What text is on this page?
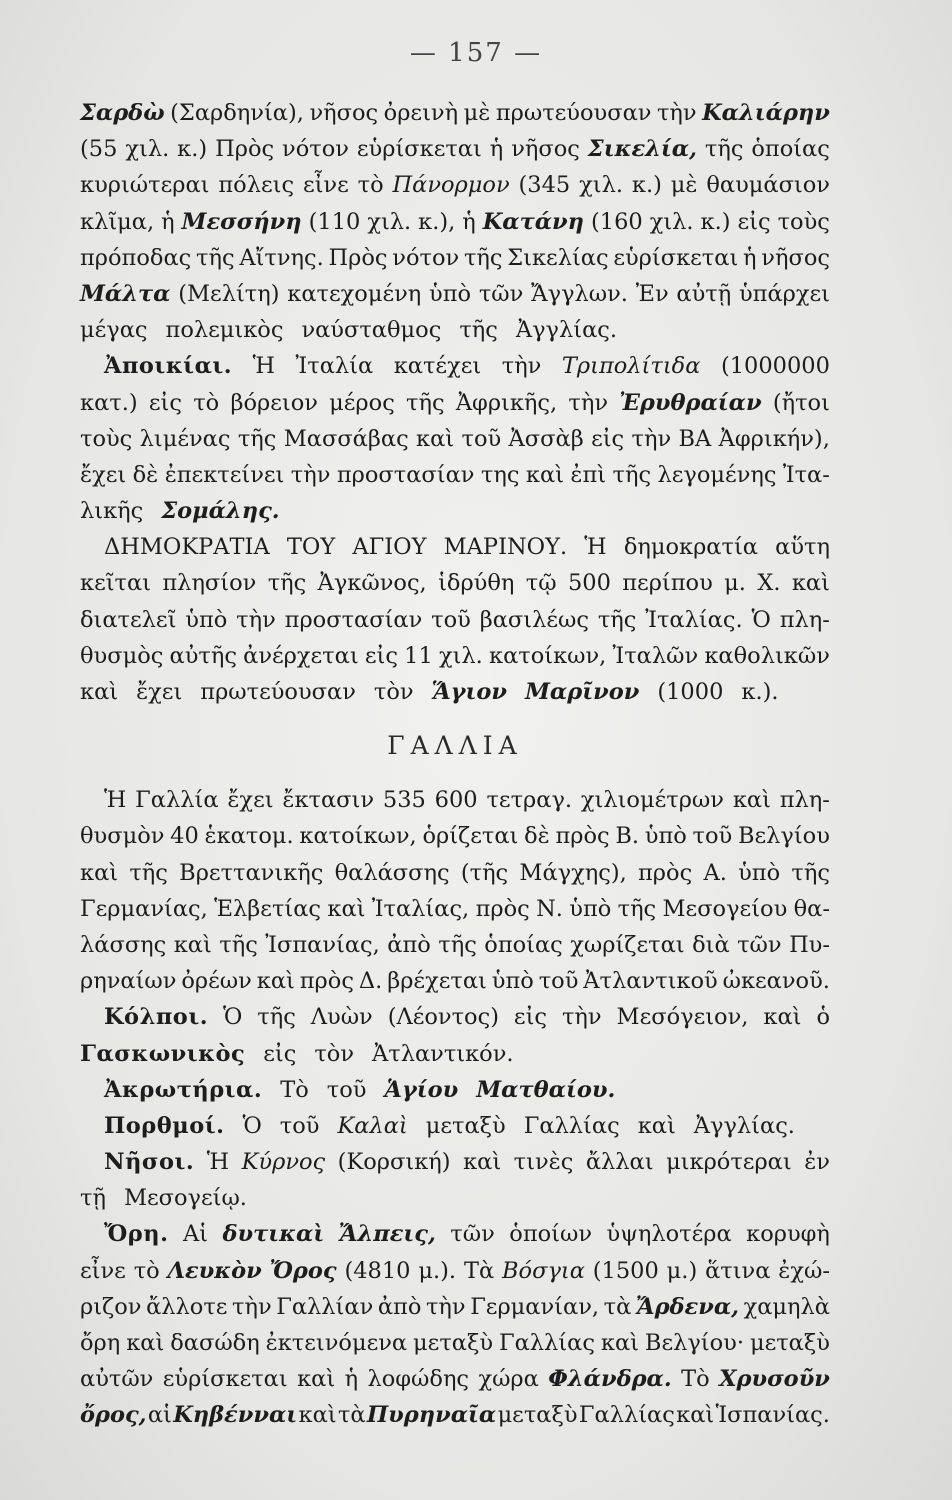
— 157 —
Σαρδὼ (Σαρδηνία), νῆσος ὀρεινὴ μὲ πρωτεύουσαν τὴν Καλιάρην
(55 χιλ. κ.) Πρὸς νότον εὑρίσκεται ἡ νῆσος Σικελία, τῆς ὁποίας
κυριώτεραι πόλεις εἶνε τὸ Πάνορμον (345 χιλ. κ.) μὲ θαυμάσιον
κλῖμα, ἡ Μεσσήνη (110 χιλ. κ.), ἡ Κατάνη (160 χιλ. κ.) εἰς τοὺς
πρόποδας τῆς Αἴτνης. Πρὸς νότον τῆς Σικελίας εὑρίσκεται ἡ νῆσος
Μάλτα (Μελίτη) κατεχομένη ὑπὸ τῶν Ἄγγλων. Ἐν αὐτῇ ὑπάρχει
μέγας πολεμικὸς ναύσταθμος τῆς Ἀγγλίας.
Ἀποικίαι. Ἡ Ἰταλία κατέχει τὴν Τριπολίτιδα (1000000
κατ.) εἰς τὸ βόρειον μέρος τῆς Ἀφρικῆς, τὴν Ἐρυθραίαν (ἤτοι
τοὺς λιμένας τῆς Μασσάβας καὶ τοῦ Ἀσσὰβ εἰς τὴν ΒΑ Ἀφρικήν),
ἔχει δὲ ἐπεκτείνει τὴν προστασίαν της καὶ ἐπὶ τῆς λεγομένης Ἰτα-
λικῆς Σομάλης.
ΔΗΜΟΚΡΑΤΙΑ ΤΟΥ ΑΓΙΟΥ ΜΑΡΙΝΟΥ. Ἡ δημοκρατία αὕτη
κεῖται πλησίον τῆς Ἀγκῶνος, ἱδρύθη τῷ 500 περίπου μ. Χ. καὶ
διατελεῖ ὑπὸ τὴν προστασίαν τοῦ βασιλέως τῆς Ἰταλίας. Ὁ πλη-
θυσμὸς αὐτῆς ἀνέρχεται εἰς 11 χιλ. κατοίκων, Ἰταλῶν καθολικῶν
καὶ ἔχει πρωτεύουσαν τὸν Ἅγιον Μαρῖνον (1000 κ.).
ΓΑΛΛΙΑ
Ἡ Γαλλία ἔχει ἔκτασιν 535 600 τετραγ. χιλιομέτρων καὶ πλη-
θυσμὸν 40 ἑκατομ. κατοίκων, ὁρίζεται δὲ πρὸς Β. ὑπὸ τοῦ Βελγίου
καὶ τῆς Βρεττανικῆς θαλάσσης (τῆς Μάγχης), πρὸς Α. ὑπὸ τῆς
Γερμανίας, Ἑλβετίας καὶ Ἰταλίας, πρὸς Ν. ὑπὸ τῆς Μεσογείου θα-
λάσσης καὶ τῆς Ἰσπανίας, ἀπὸ τῆς ὁποίας χωρίζεται διὰ τῶν Πυ-
ρηναίων ὀρέων καὶ πρὸς Δ. βρέχεται ὑπὸ τοῦ Ἀτλαντικοῦ ὠκεανοῦ.
Κόλποι. Ὁ τῆς Λυὼν (Λέοντος) εἰς τὴν Μεσόγειον, καὶ ὁ
Γασκωνικὸς εἰς τὸν Ἀτλαντικόν.
Ἀκρωτήρια. Τὸ τοῦ Ἁγίου Ματθαίου.
Πορθμοί. Ὁ τοῦ Καλαὶ μεταξὺ Γαλλίας καὶ Ἀγγλίας.
Νῆσοι. Ἡ Κύρνος (Κορσική) καὶ τινὲς ἄλλαι μικρότεραι ἐν
τῇ Μεσογείῳ.
Ὄρη. Αἱ δυτικαὶ Ἄλπεις, τῶν ὁποίων ὑψηλοτέρα κορυφὴ
εἶνε τὸ Λευκὸν Ὄρος (4810 μ.). Τὰ Βόσγια (1500 μ.) ἅτινα ἐχώ-
ριζον ἄλλοτε τὴν Γαλλίαν ἀπὸ τὴν Γερμανίαν, τὰ Ἄρδενα, χαμηλὰ
ὄρη καὶ δασώδη ἐκτεινόμενα μεταξὺ Γαλλίας καὶ Βελγίου· μεταξὺ
αὐτῶν εὑρίσκεται καὶ ἡ λοφώδης χώρα Φλάνδρα. Τὸ Χρυσοῦν
ὄρος, αἱ Κηβένναι καὶ τὰ Πυρηναῖα μεταξὺ Γαλλίας καὶ Ἱσπανίας.
